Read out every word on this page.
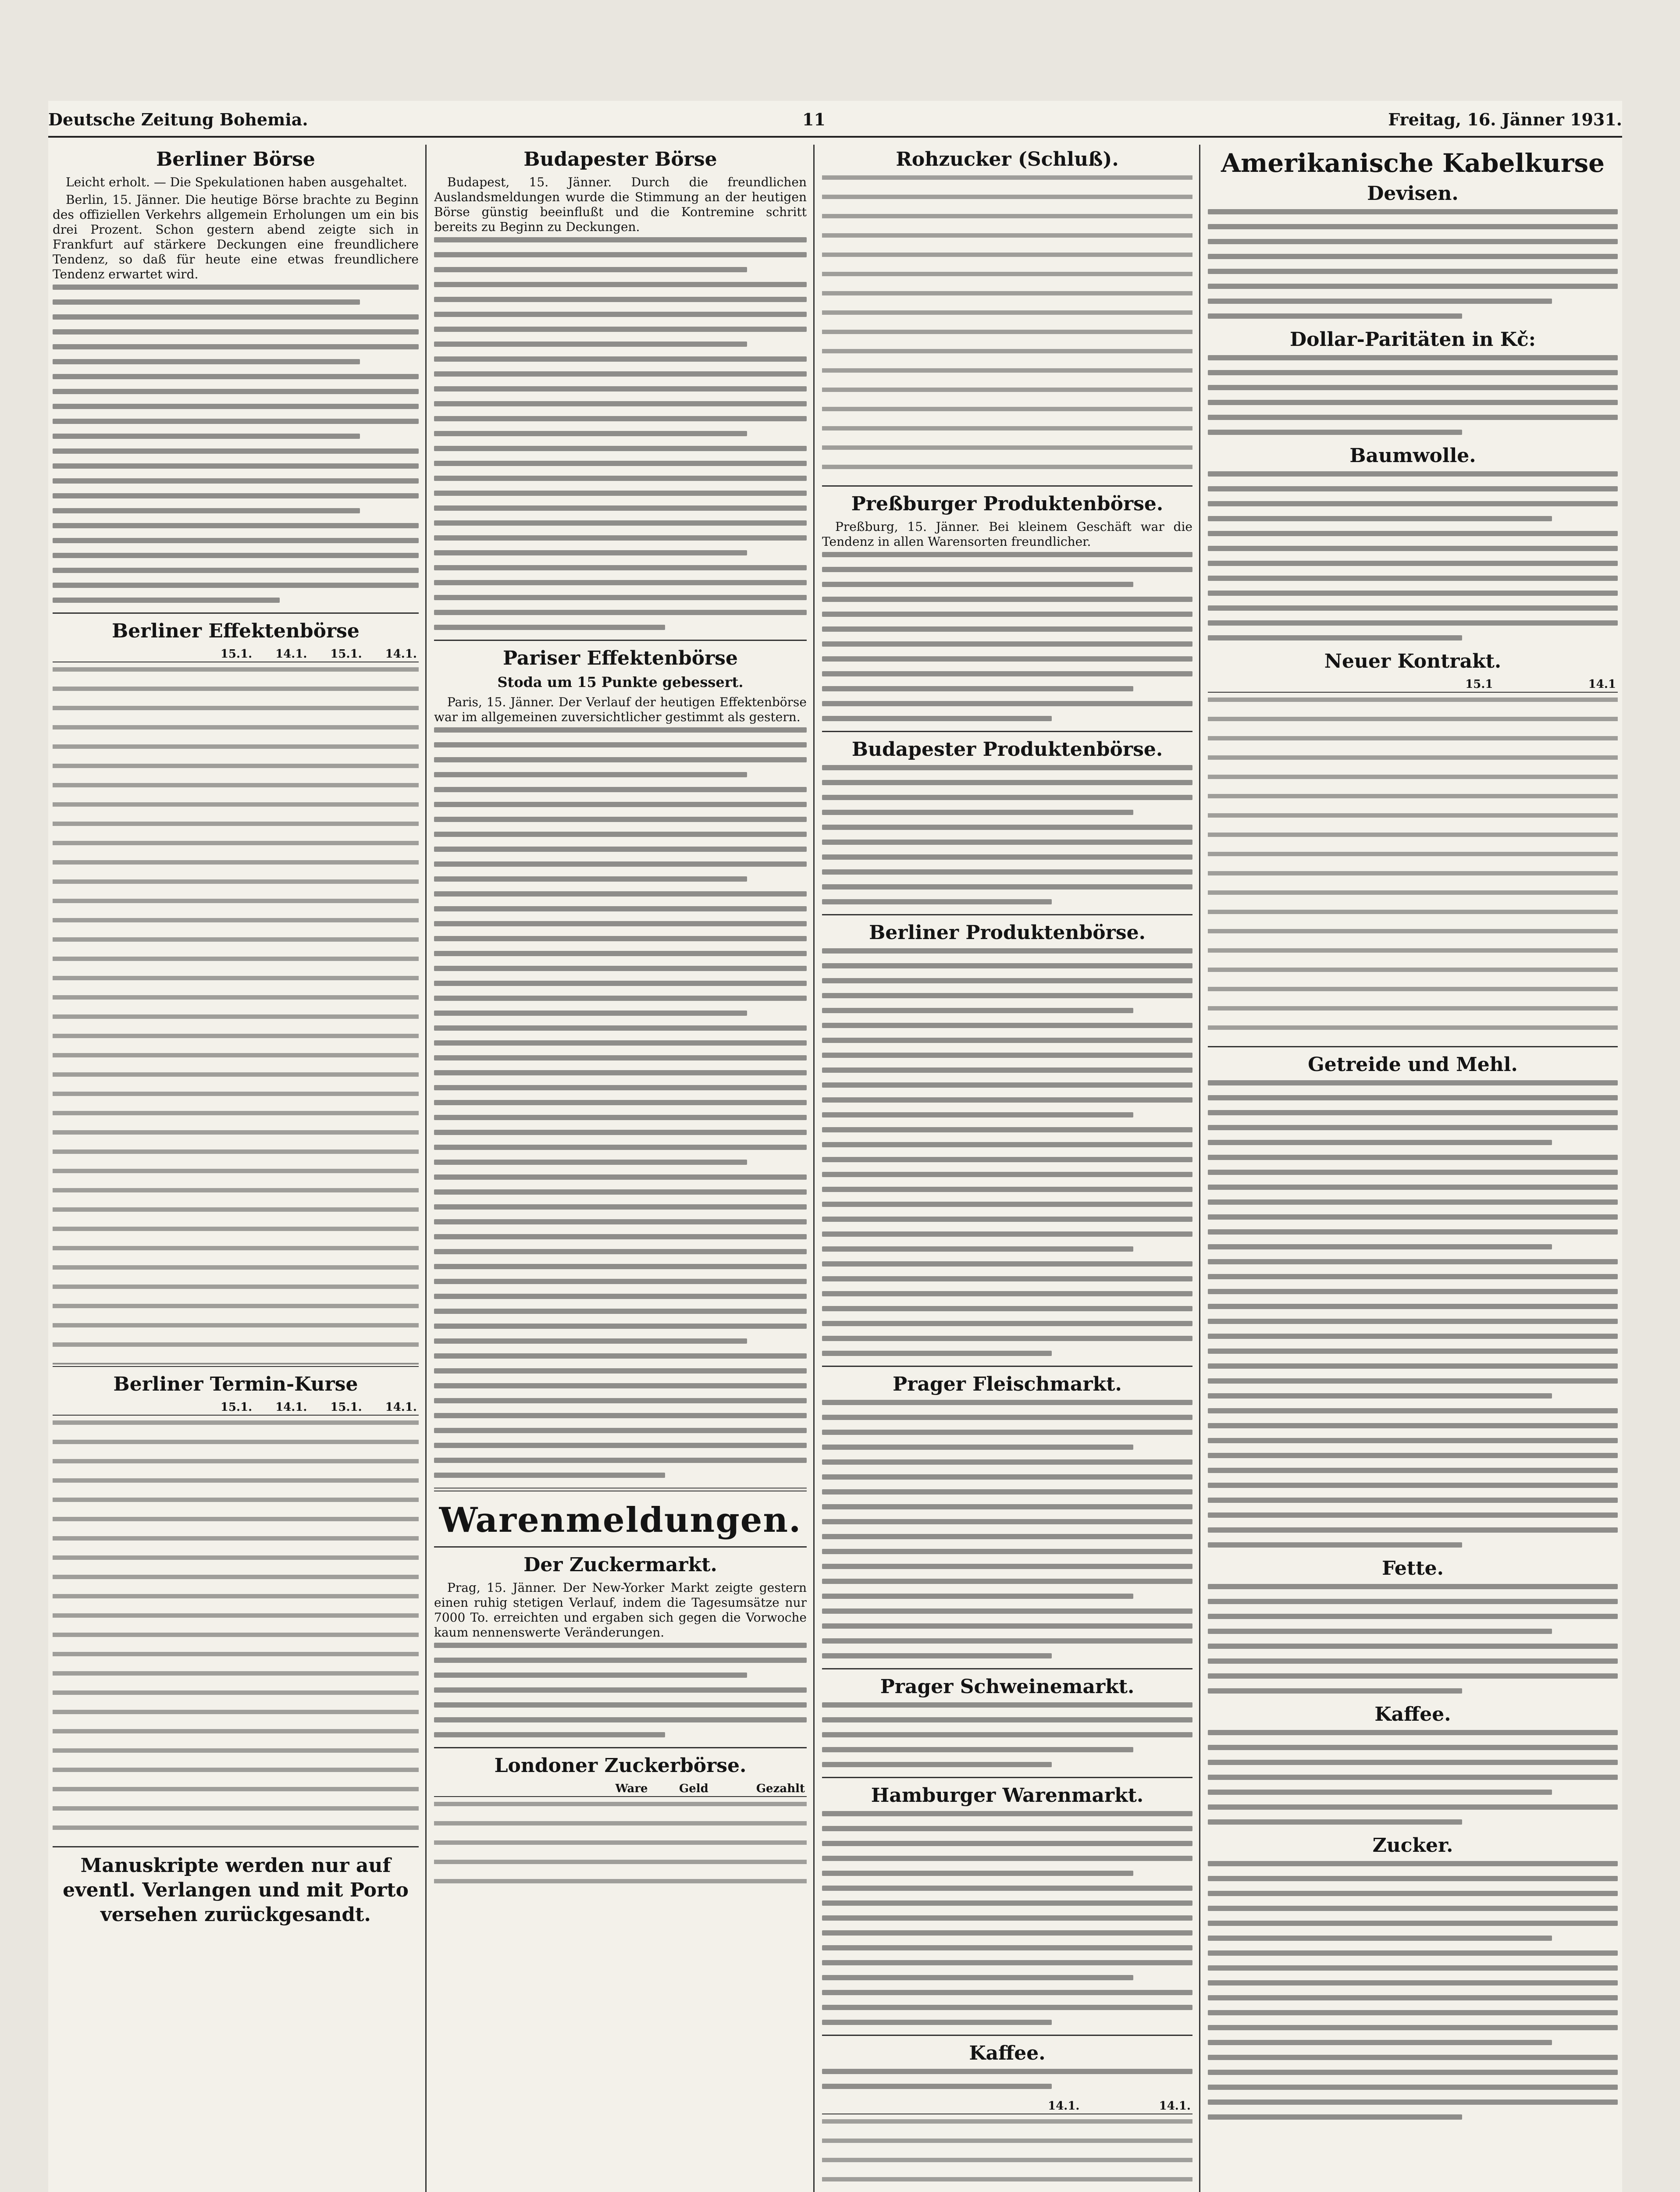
Deutsche Zeitung Bohemia.	11	Freitag, 16. Jänner 1931.
Berliner Börse

Leicht erholt. — Die Spekulationen haben ausgehaltet.

Berlin, 15. Jänner. Die heutige Börse brachte zu Beginn des offiziellen Verkehrs allgemein Erholungen um ein bis drei Prozent. Schon gestern abend zeigte sich in Frankfurt auf stärkere Deckungen eine freundlichere Tendenz, so daß für heute eine etwas freundlichere Tendenz erwartet wird.

Berliner Effektenbörse
	15.1.	14.1.	15.1.	14.1.
Berliner Termin-Kurse
	15.1.	14.1.	15.1.	14.1.
Manuskripte werden nur auf eventl. Verlangen und mit Porto versehen zurückgesandt.
Budapester Börse

Budapest, 15. Jänner. Durch die freundlichen Auslandsmeldungen wurde die Stimmung an der heutigen Börse günstig beeinflußt und die Kontremine schritt bereits zu Beginn zu Deckungen.

Pariser Effektenbörse
Stoda um 15 Punkte gebessert.

Paris, 15. Jänner. Der Verlauf der heutigen Effektenbörse war im allgemeinen zuversichtlicher gestimmt als gestern.

Warenmeldungen.
Der Zuckermarkt.

Prag, 15. Jänner. Der New-Yorker Markt zeigte gestern einen ruhig stetigen Verlauf, indem die Tagesumsätze nur 7000 To. erreichten und ergaben sich gegen die Vorwoche kaum nennenswerte Veränderungen.

Londoner Zuckerbörse.
	Ware	Geld	Gezahlt
Rohzucker (Schluß).
Preßburger Produktenbörse.

Preßburg, 15. Jänner. Bei kleinem Geschäft war die Tendenz in allen Warensorten freundlicher.

Budapester Produktenbörse.
Berliner Produktenbörse.
Prager Fleischmarkt.
Prager Schweinemarkt.
Hamburger Warenmarkt.
Kaffee.
	14.1.	14.1.
Amerikanische Kabelkurse
Devisen.
Dollar-Paritäten in Kč:
Baumwolle.
Neuer Kontrakt.
	15.1	14.1
Getreide und Mehl.
Fette.
Kaffee.
Zucker.
